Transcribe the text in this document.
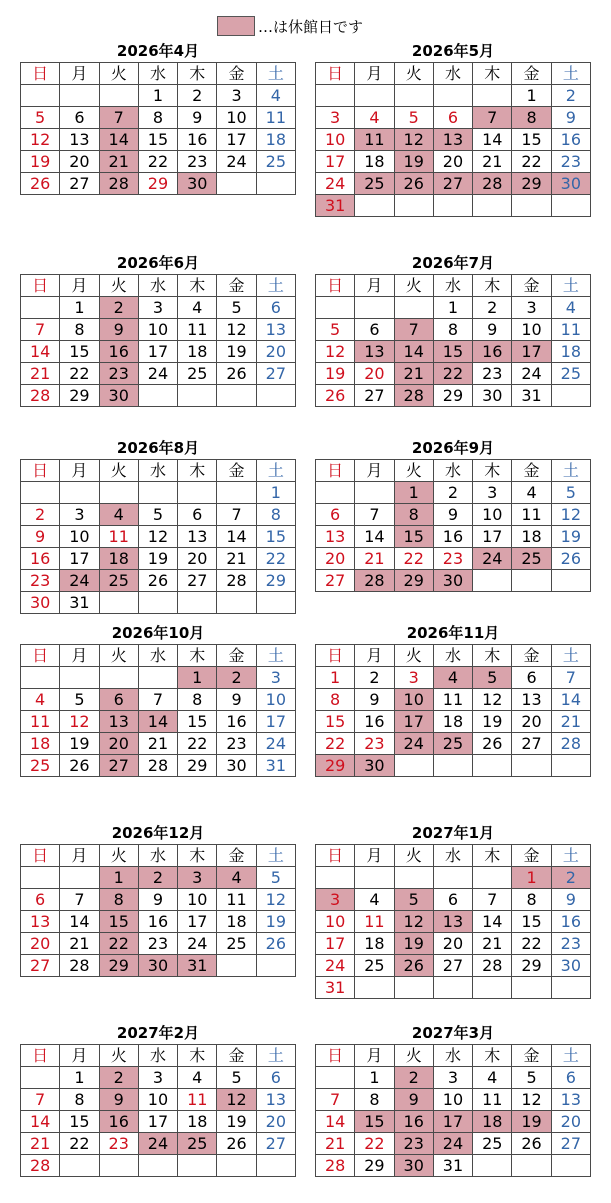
…は休館日です
2026年4月
日	月	火	水	木	金	土
			1	2	3	4
5	6	7	8	9	10	11
12	13	14	15	16	17	18
19	20	21	22	23	24	25
26	27	28	29	30		
2026年5月
日	月	火	水	木	金	土
					1	2
3	4	5	6	7	8	9
10	11	12	13	14	15	16
17	18	19	20	21	22	23
24	25	26	27	28	29	30
31						
2026年6月
日	月	火	水	木	金	土
	1	2	3	4	5	6
7	8	9	10	11	12	13
14	15	16	17	18	19	20
21	22	23	24	25	26	27
28	29	30				
2026年7月
日	月	火	水	木	金	土
			1	2	3	4
5	6	7	8	9	10	11
12	13	14	15	16	17	18
19	20	21	22	23	24	25
26	27	28	29	30	31	
2026年8月
日	月	火	水	木	金	土
						1
2	3	4	5	6	7	8
9	10	11	12	13	14	15
16	17	18	19	20	21	22
23	24	25	26	27	28	29
30	31					
2026年9月
日	月	火	水	木	金	土
		1	2	3	4	5
6	7	8	9	10	11	12
13	14	15	16	17	18	19
20	21	22	23	24	25	26
27	28	29	30			
2026年10月
日	月	火	水	木	金	土
				1	2	3
4	5	6	7	8	9	10
11	12	13	14	15	16	17
18	19	20	21	22	23	24
25	26	27	28	29	30	31
2026年11月
日	月	火	水	木	金	土
1	2	3	4	5	6	7
8	9	10	11	12	13	14
15	16	17	18	19	20	21
22	23	24	25	26	27	28
29	30					
2026年12月
日	月	火	水	木	金	土
		1	2	3	4	5
6	7	8	9	10	11	12
13	14	15	16	17	18	19
20	21	22	23	24	25	26
27	28	29	30	31		
2027年1月
日	月	火	水	木	金	土
					1	2
3	4	5	6	7	8	9
10	11	12	13	14	15	16
17	18	19	20	21	22	23
24	25	26	27	28	29	30
31						
2027年2月
日	月	火	水	木	金	土
	1	2	3	4	5	6
7	8	9	10	11	12	13
14	15	16	17	18	19	20
21	22	23	24	25	26	27
28						
2027年3月
日	月	火	水	木	金	土
	1	2	3	4	5	6
7	8	9	10	11	12	13
14	15	16	17	18	19	20
21	22	23	24	25	26	27
28	29	30	31			
